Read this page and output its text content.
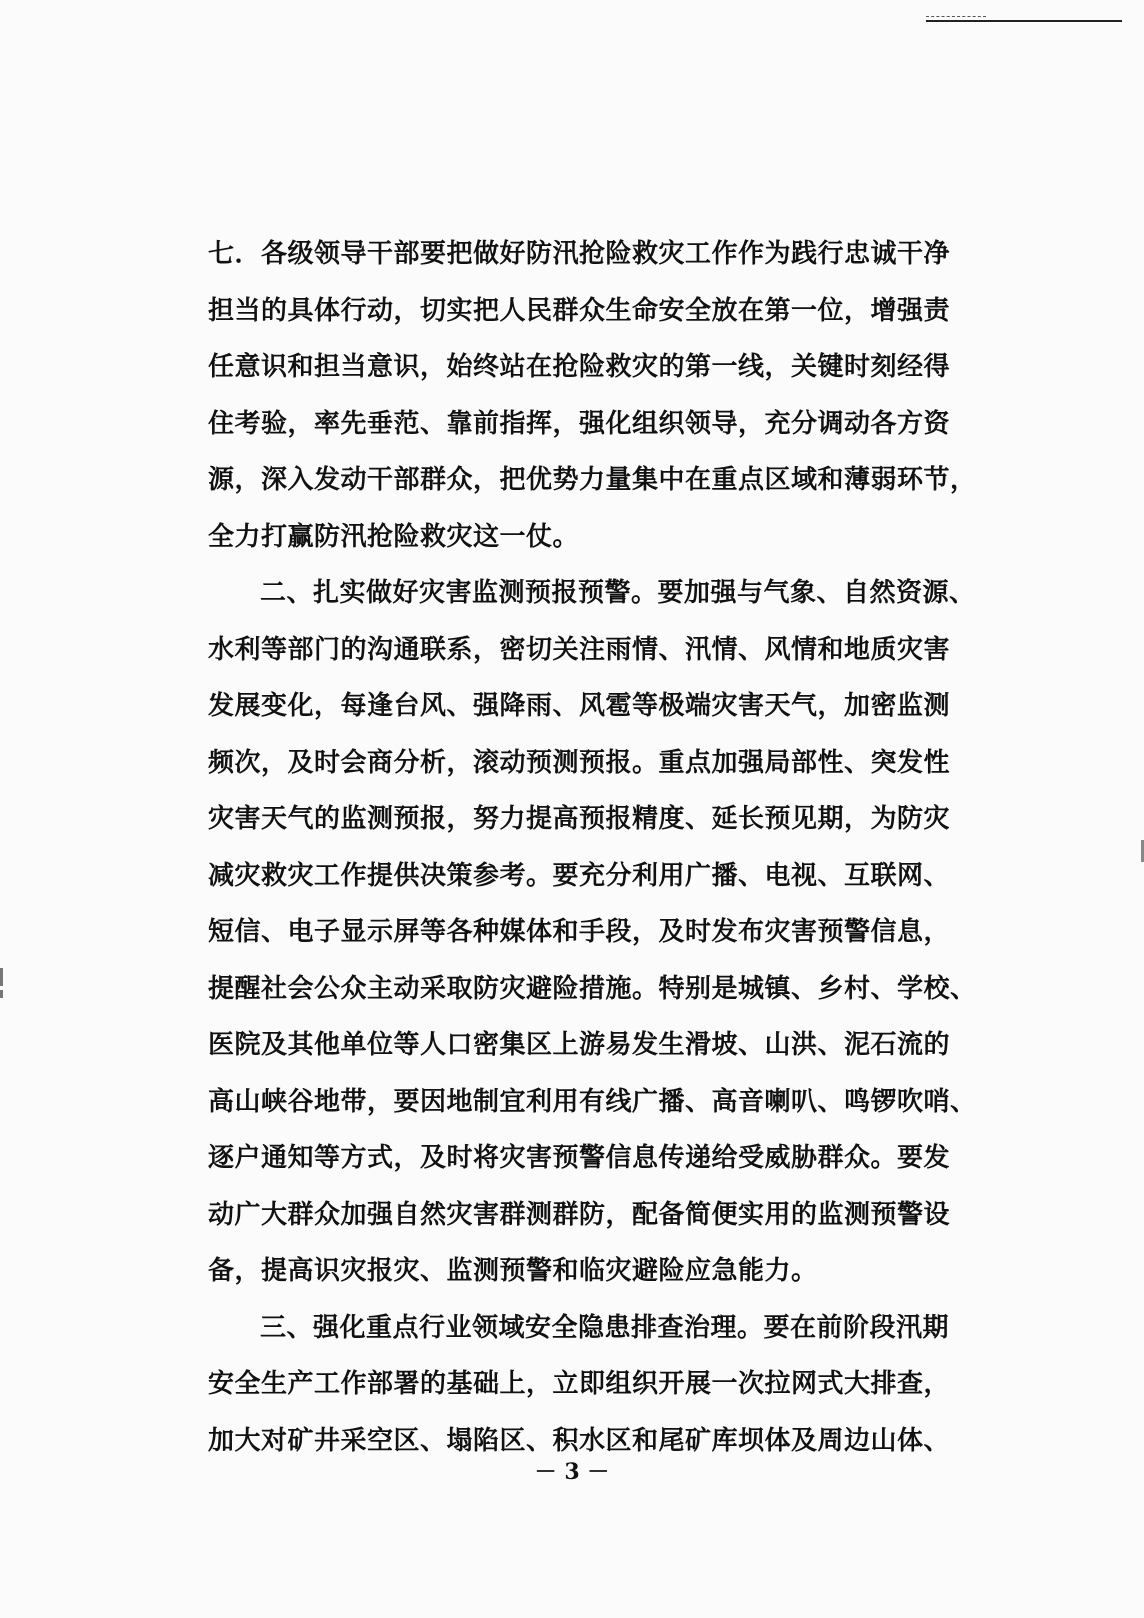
七．各级领导干部要把做好防汛抢险救灾工作作为践行忠诚干净
担当的具体行动，切实把人民群众生命安全放在第一位，增强责
任意识和担当意识，始终站在抢险救灾的第一线，关键时刻经得
住考验，率先垂范、靠前指挥，强化组织领导，充分调动各方资
源，深入发动干部群众，把优势力量集中在重点区域和薄弱环节，
全力打赢防汛抢险救灾这一仗。
二、扎实做好灾害监测预报预警。要加强与气象、自然资源、
水利等部门的沟通联系，密切关注雨情、汛情、风情和地质灾害
发展变化，每逢台风、强降雨、风雹等极端灾害天气，加密监测
频次，及时会商分析，滚动预测预报。重点加强局部性、突发性
灾害天气的监测预报，努力提高预报精度、延长预见期，为防灾
减灾救灾工作提供决策参考。要充分利用广播、电视、互联网、
短信、电子显示屏等各种媒体和手段，及时发布灾害预警信息，
提醒社会公众主动采取防灾避险措施。特别是城镇、乡村、学校、
医院及其他单位等人口密集区上游易发生滑坡、山洪、泥石流的
高山峡谷地带，要因地制宜利用有线广播、高音喇叭、鸣锣吹哨、
逐户通知等方式，及时将灾害预警信息传递给受威胁群众。要发
动广大群众加强自然灾害群测群防，配备简便实用的监测预警设
备，提高识灾报灾、监测预警和临灾避险应急能力。
三、强化重点行业领域安全隐患排查治理。要在前阶段汛期
安全生产工作部署的基础上，立即组织开展一次拉网式大排查，
加大对矿井采空区、塌陷区、积水区和尾矿库坝体及周边山体、
－ 3 －
